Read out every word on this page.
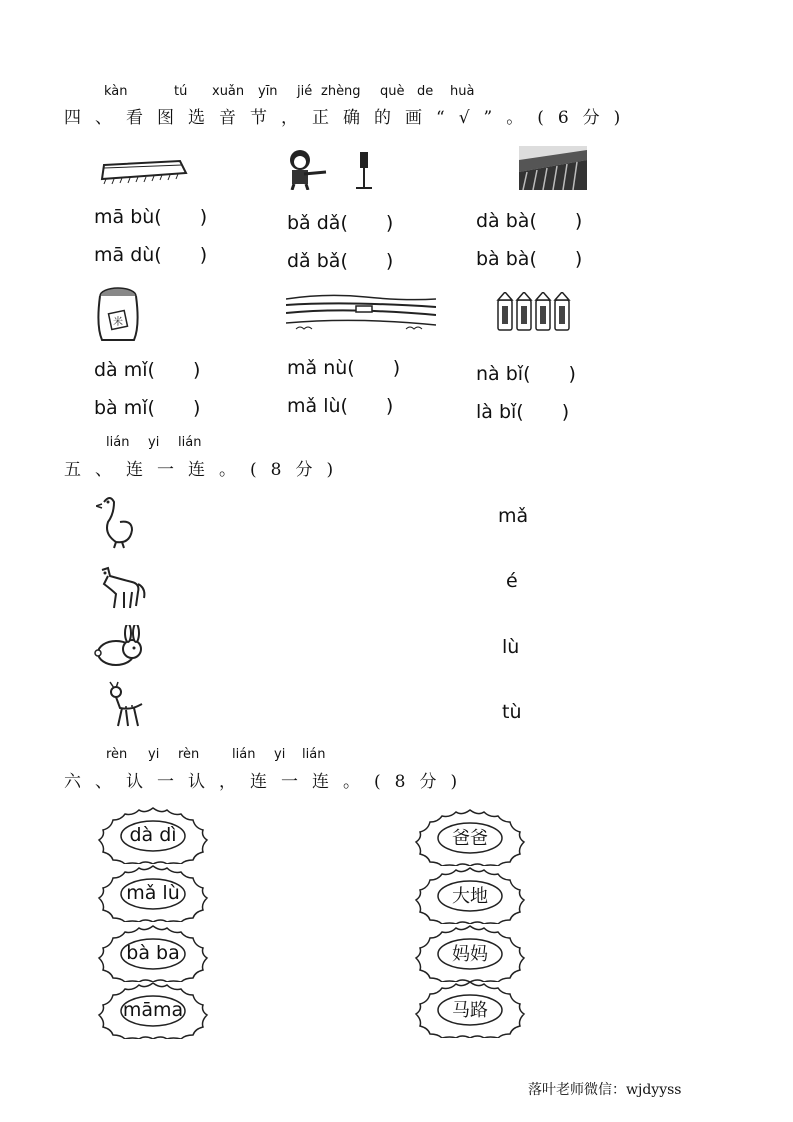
kàn	tú xuǎn yīn jié zhèng què de huà
四、看图选音节，正确的画“√”。(6分)
mā bù(　　)
mā dù(　　)
bǎ dǎ(　　)
dǎ bǎ(　　)
dà bà(　　)
bà bà(　　)
米
dà mǐ(　　)
bà mǐ(　　)
mǎ nù(　　)
mǎ lù(　　)
nà bǐ(　　)
là bǐ(　　)
lián yi lián
五、连一连。(8分)
mǎ
é
lù
tù
rèn yi rèn	lián yi lián
六、认一认，连一连。(8分)
dà dì
mǎ lù
bà ba
māma
爸爸
大地
妈妈
马路
落叶老师微信：wjdyyss
